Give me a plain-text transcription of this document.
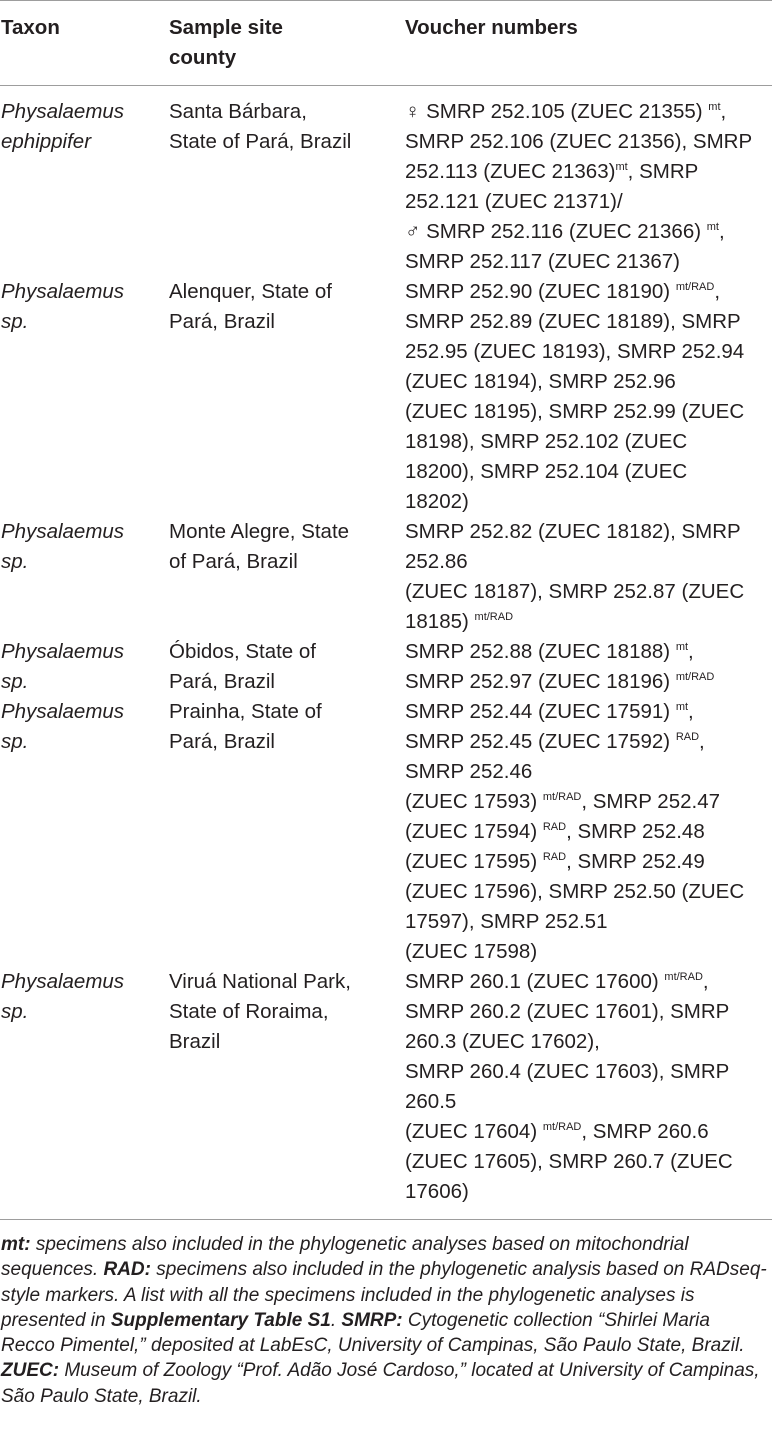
Taxon	Sample site
county
Voucher numbers
Physalaemus
ephippifer
Santa Bárbara,
State of Pará, Brazil
♀ SMRP 252.105 (ZUEC 21355) $^{mt}$,
SMRP 252.106 (ZUEC 21356), SMRP
252.113 (ZUEC 21363)$^{mt}$, SMRP
252.121 (ZUEC 21371)/
♂ SMRP 252.116 (ZUEC 21366) $^{mt}$,
SMRP 252.117 (ZUEC 21367)
Physalaemus
sp.
Alenquer, State of
Pará, Brazil
SMRP 252.90 (ZUEC 18190) $^{mt/RAD}$,
SMRP 252.89 (ZUEC 18189), SMRP
252.95 (ZUEC 18193), SMRP 252.94
(ZUEC 18194), SMRP 252.96
(ZUEC 18195), SMRP 252.99 (ZUEC
18198), SMRP 252.102 (ZUEC
18200), SMRP 252.104 (ZUEC
18202)
Physalaemus
sp.
Monte Alegre, State
of Pará, Brazil
SMRP 252.82 (ZUEC 18182), SMRP
252.86
(ZUEC 18187), SMRP 252.87 (ZUEC
18185) $^{mt/RAD}$
Physalaemus
sp.
Óbidos, State of
Pará, Brazil
SMRP 252.88 (ZUEC 18188) $^{mt}$,
SMRP 252.97 (ZUEC 18196) $^{mt/RAD}$
Physalaemus
sp.
Prainha, State of
Pará, Brazil
SMRP 252.44 (ZUEC 17591) $^{mt}$,
SMRP 252.45 (ZUEC 17592) $^{RAD}$,
SMRP 252.46
(ZUEC 17593) $^{mt/RAD}$, SMRP 252.47
(ZUEC 17594) $^{RAD}$, SMRP 252.48
(ZUEC 17595) $^{RAD}$, SMRP 252.49
(ZUEC 17596), SMRP 252.50 (ZUEC
17597), SMRP 252.51
(ZUEC 17598)
Physalaemus
sp.
Viruá National Park,
State of Roraima,
Brazil
SMRP 260.1 (ZUEC 17600) $^{mt/RAD}$,
SMRP 260.2 (ZUEC 17601), SMRP
260.3 (ZUEC 17602),
SMRP 260.4 (ZUEC 17603), SMRP
260.5
(ZUEC 17604) $^{mt/RAD}$, SMRP 260.6
(ZUEC 17605), SMRP 260.7 (ZUEC
17606)
mt: specimens also included in the phylogenetic analyses based on mitochondrial sequences. RAD: specimens also included in the phylogenetic analysis based on RADseq-style markers. A list with all the specimens included in the phylogenetic analyses is presented in Supplementary Table S1. SMRP: Cytogenetic collection “Shirlei Maria Recco Pimentel,” deposited at LabEsC, University of Campinas, São Paulo State, Brazil. ZUEC: Museum of Zoology “Prof. Adão José Cardoso,” located at University of Campinas, São Paulo State, Brazil.
